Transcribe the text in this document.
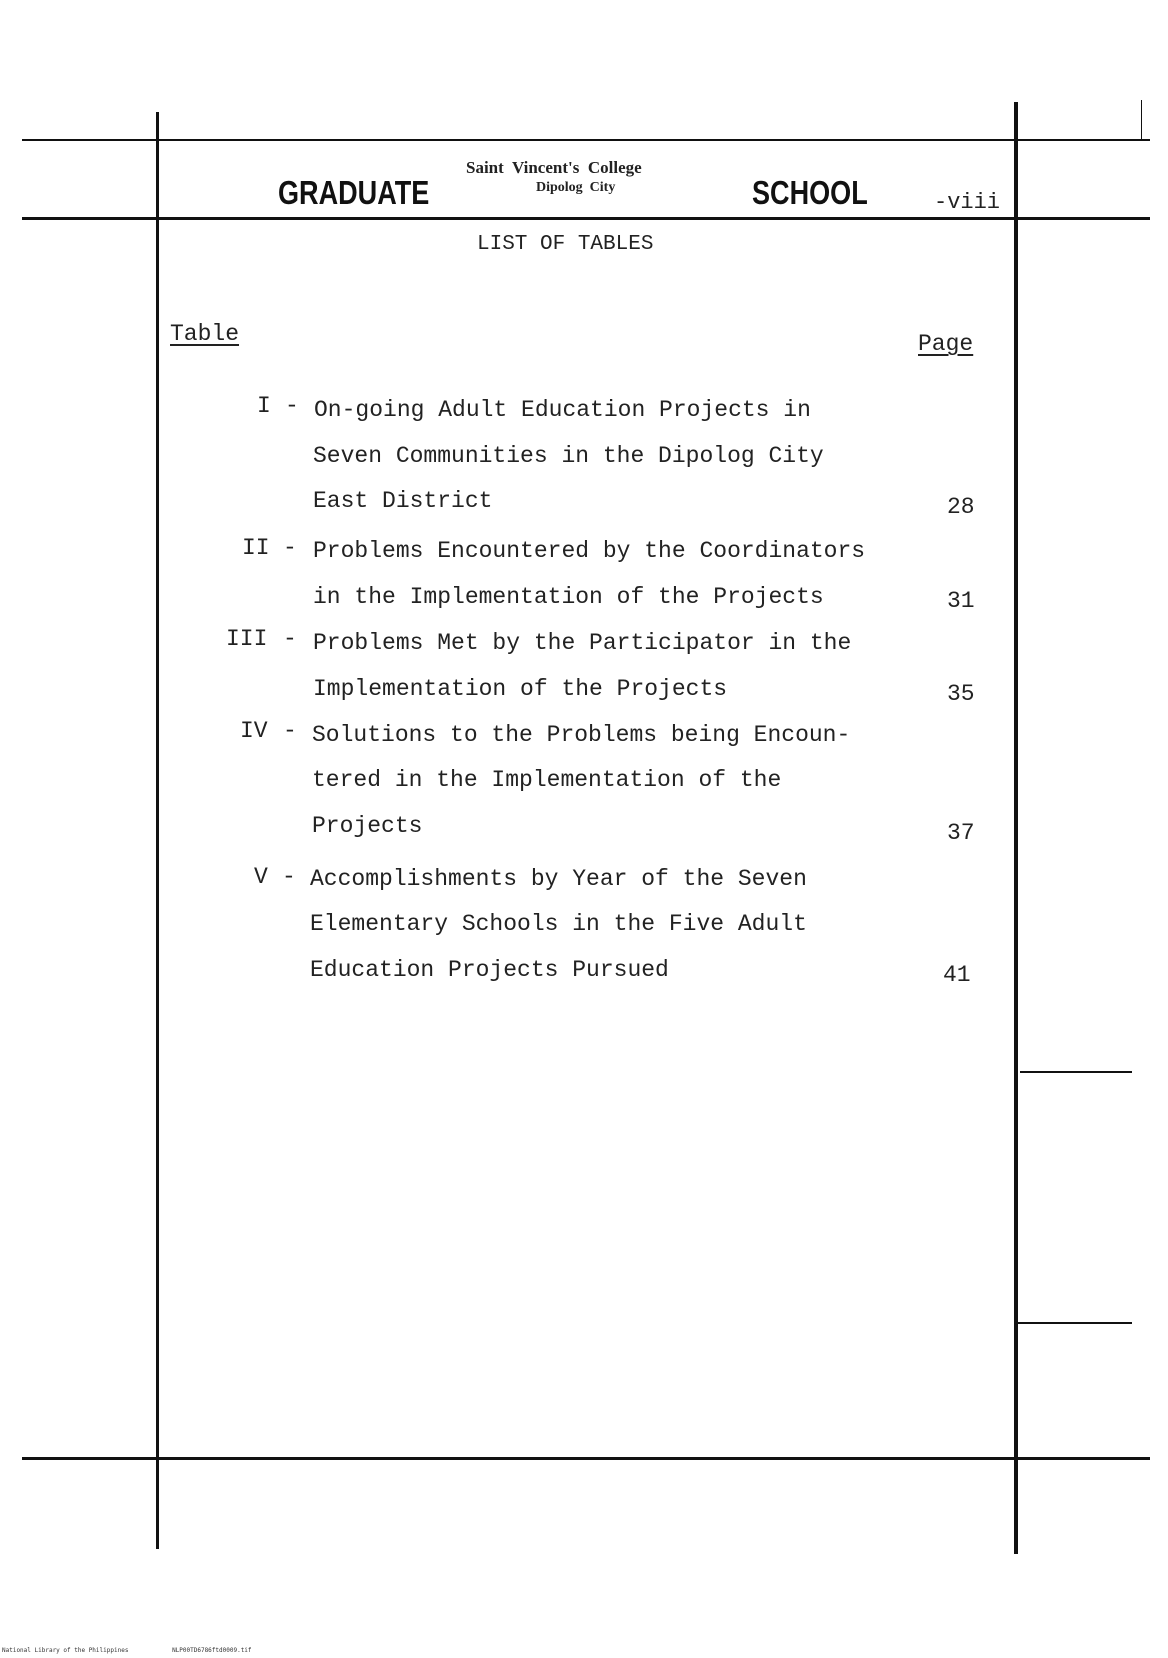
GRADUATE
Saint  Vincent's  College
Dipolog  City	SCHOOL	-viii
LIST OF TABLES
Table	Page
I - On-going Adult Education Projects in
Seven Communities in the Dipolog City
East District	28
II - Problems Encountered by the Coordinators
in the Implementation of the Projects	31
III - Problems Met by the Participator in the
Implementation of the Projects	35
IV - Solutions to the Problems being Encoun-
tered in the Implementation of the
Projects	37
V - Accomplishments by Year of the Seven
Elementary Schools in the Five Adult
Education Projects Pursued	41
National Library of the Philippines	NLP00TD6786ftd0009.tif
